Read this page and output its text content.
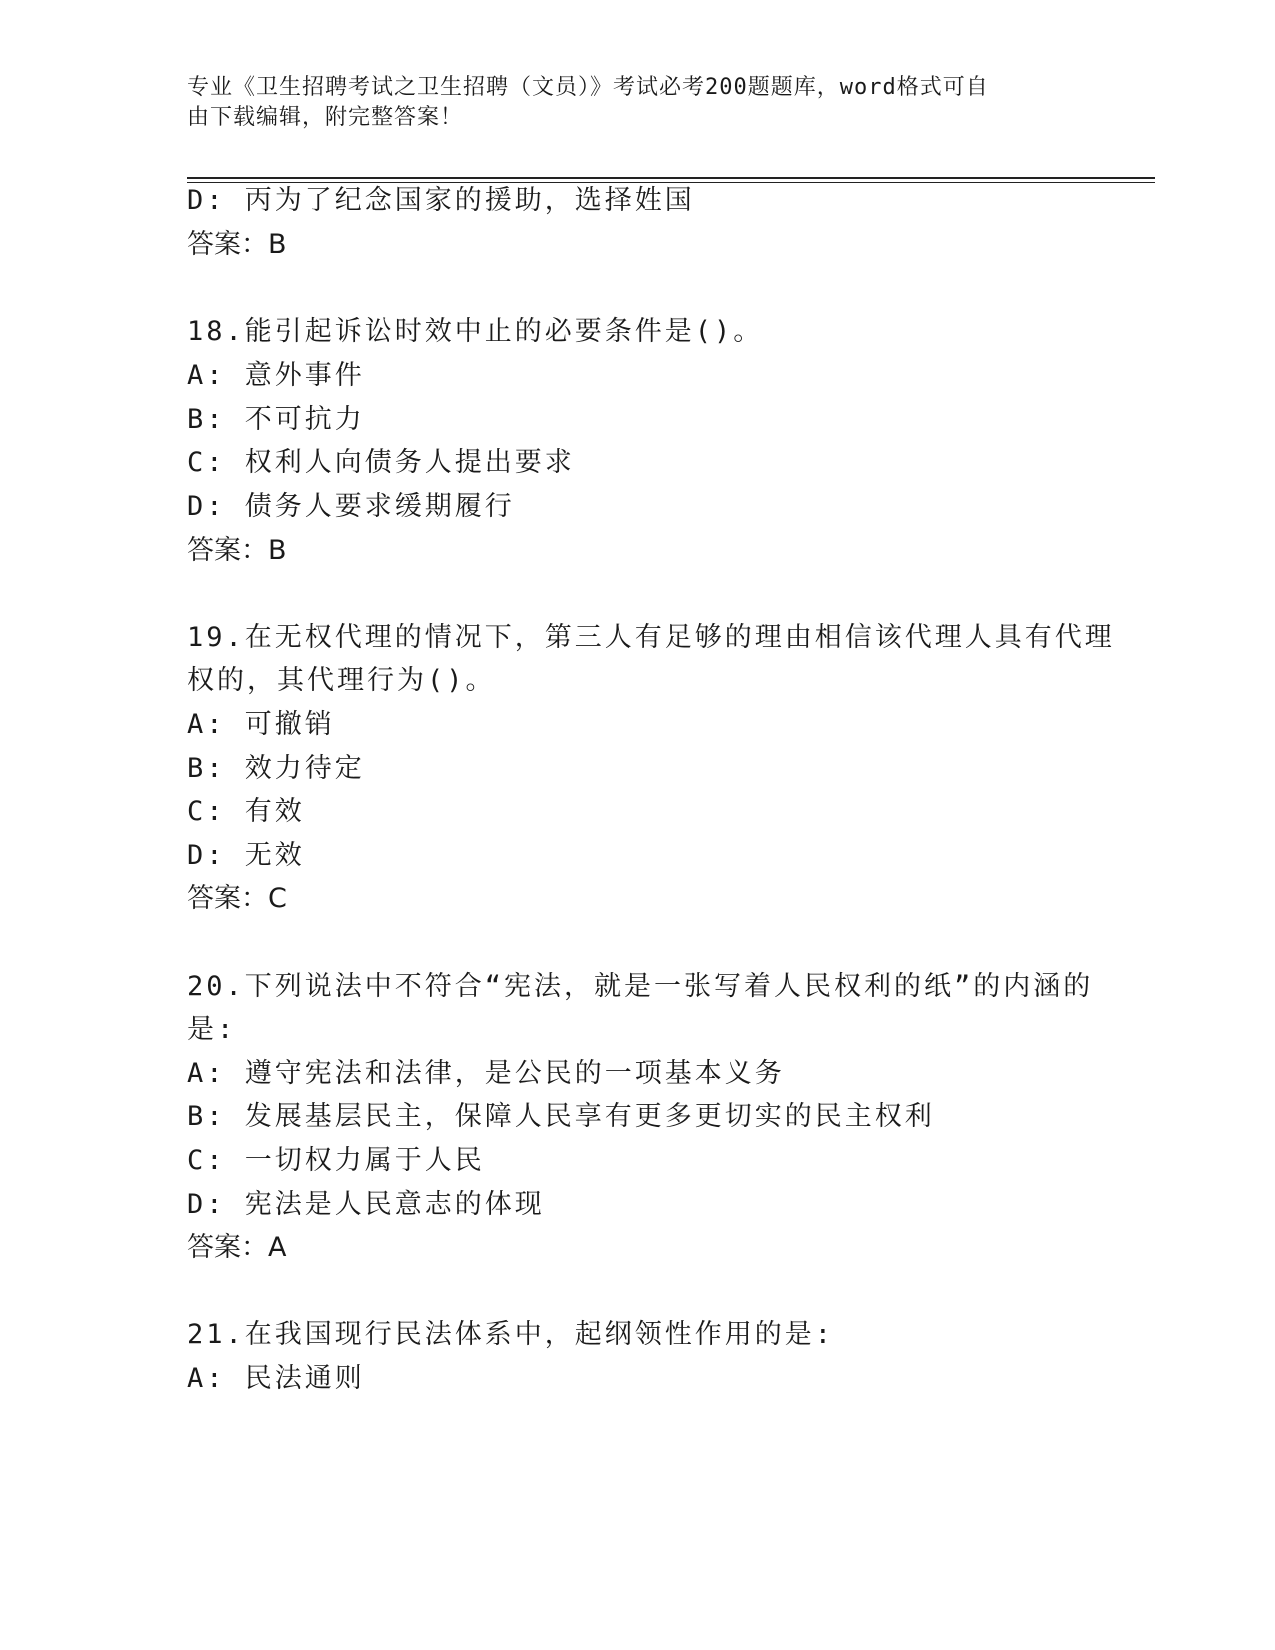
专业《卫生招聘考试之卫生招聘（文员）》考试必考200题题库，word格式可自
由下载编辑，附完整答案！
D: 丙为了纪念国家的援助，选择姓国
答案：B
18.能引起诉讼时效中止的必要条件是()。
A: 意外事件
B: 不可抗力
C: 权利人向债务人提出要求
D: 债务人要求缓期履行
答案：B
19.在无权代理的情况下，第三人有足够的理由相信该代理人具有代理
权的，其代理行为()。
A: 可撤销
B: 效力待定
C: 有效
D: 无效
答案：C
20.下列说法中不符合“宪法，就是一张写着人民权利的纸”的内涵的
是:
A: 遵守宪法和法律，是公民的一项基本义务
B: 发展基层民主，保障人民享有更多更切实的民主权利
C: 一切权力属于人民
D: 宪法是人民意志的体现
答案：A
21.在我国现行民法体系中，起纲领性作用的是:
A: 民法通则
